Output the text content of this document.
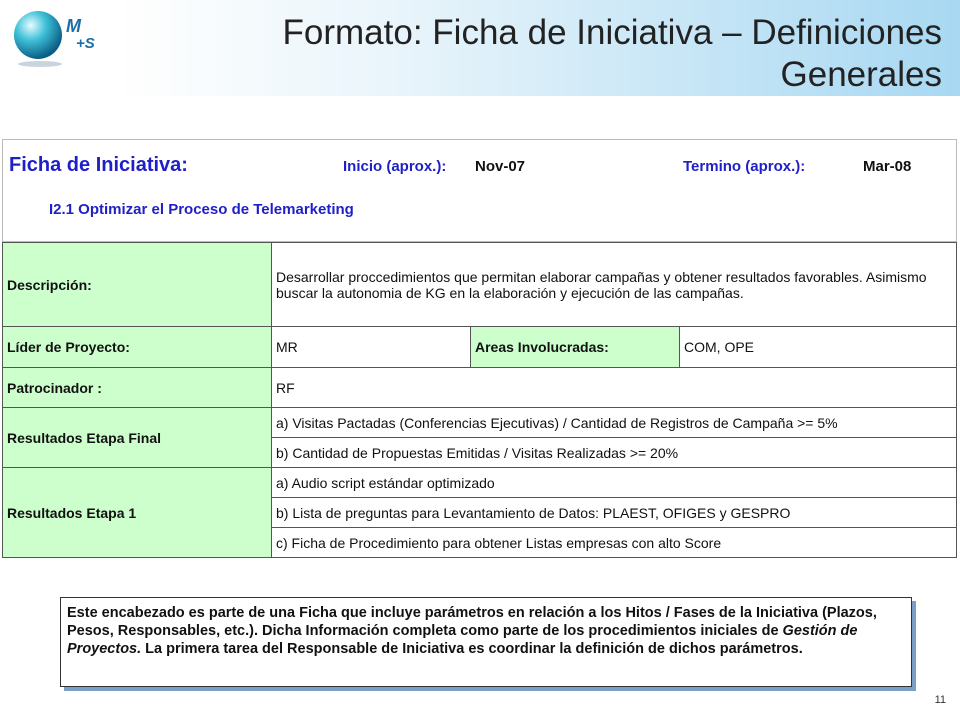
M
+S	Formato: Ficha de Iniciativa – Definiciones Generales
Ficha de Iniciativa:	Inicio (aprox.): Nov-07	Termino (aprox.):	Mar-08
I2.1 Optimizar el Proceso de Telemarketing
Descripción:	Desarrollar proccedimientos que permitan elaborar campañas y obtener resultados favorables. Asimismo buscar la autonomia de KG en la elaboración y ejecución de las campañas.		
Líder de Proyecto:	MR	Areas Involucradas:	COM, OPE
Patrocinador :	RF		
Resultados Etapa Final	a) Visitas Pactadas (Conferencias Ejecutivas) / Cantidad de Registros de Campaña >= 5%		
	b) Cantidad de Propuestas Emitidas / Visitas Realizadas >= 20%		
Resultados Etapa 1	a) Audio script estándar optimizado		
	b) Lista de preguntas para Levantamiento de Datos: PLAEST, OFIGES y GESPRO		
	c) Ficha de Procedimiento para obtener Listas empresas con alto Score		
Este encabezado es parte de una Ficha que incluye parámetros en relación a los Hitos / Fases de la Iniciativa (Plazos, Pesos, Responsables, etc.). Dicha Información completa como parte de los procedimientos iniciales de Gestión de Proyectos. La primera tarea del Responsable de Iniciativa es coordinar la definición de dichos parámetros.
11
